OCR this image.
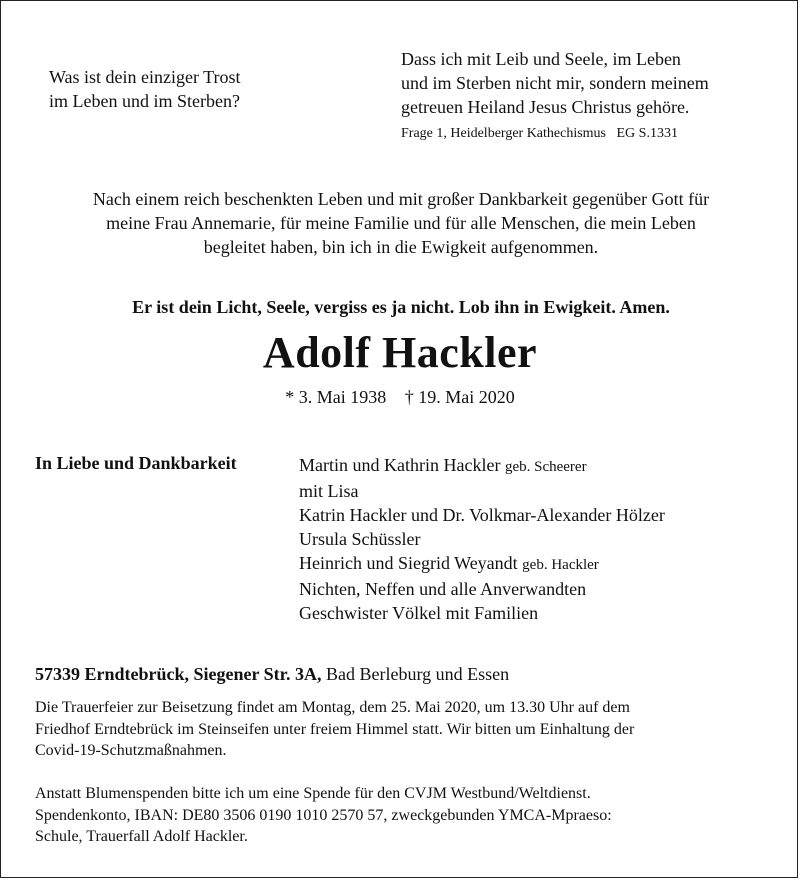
Was ist dein einziger Trost
im Leben und im Sterben?
Dass ich mit Leib und Seele, im Leben
und im Sterben nicht mir, sondern meinem
getreuen Heiland Jesus Christus gehöre.
Frage 1, Heidelberger Kathechismus   EG S.1331
Nach einem reich beschenkten Leben und mit großer Dankbarkeit gegenüber Gott für
meine Frau Annemarie, für meine Familie und für alle Menschen, die mein Leben
begleitet haben, bin ich in die Ewigkeit aufgenommen.
Er ist dein Licht, Seele, vergiss es ja nicht. Lob ihn in Ewigkeit. Amen.
Adolf Hackler
* 3. Mai 1938 † 19. Mai 2020
In Liebe und Dankbarkeit	Martin und Kathrin Hackler geb. Scheerer
mit Lisa
Katrin Hackler und Dr. Volkmar-Alexander Hölzer
Ursula Schüssler
Heinrich und Siegrid Weyandt geb. Hackler
Nichten, Neffen und alle Anverwandten
Geschwister Völkel mit Familien
57339 Erndtebrück, Siegener Str. 3A, Bad Berleburg und Essen
Die Trauerfeier zur Beisetzung findet am Montag, dem 25. Mai 2020, um 13.30 Uhr auf dem
Friedhof Erndtebrück im Steinseifen unter freiem Himmel statt. Wir bitten um Einhaltung der
Covid-19-Schutzmaßnahmen.
Anstatt Blumenspenden bitte ich um eine Spende für den CVJM Westbund/Weltdienst.
Spendenkonto, IBAN: DE80 3506 0190 1010 2570 57, zweckgebunden YMCA-Mpraeso:
Schule, Trauerfall Adolf Hackler.
